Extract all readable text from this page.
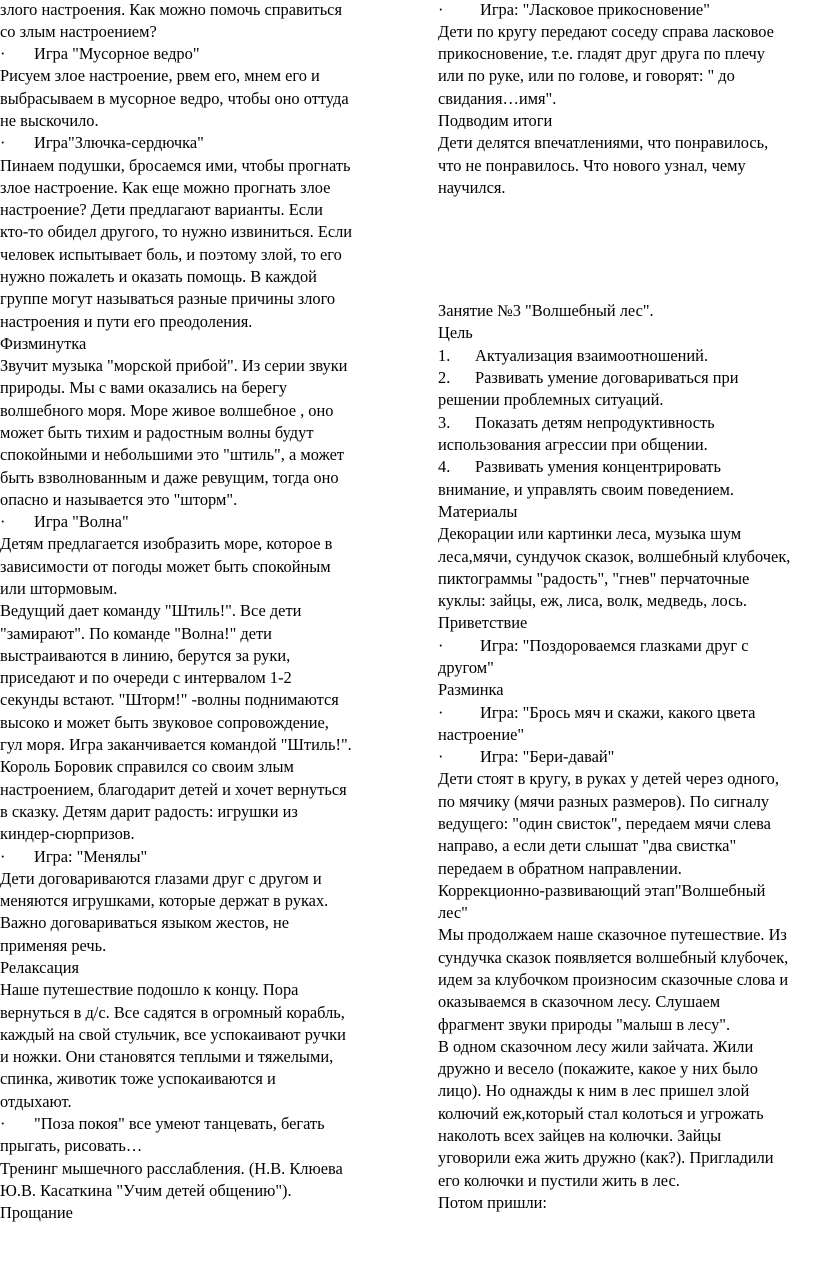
злого настроения. Как можно помочь справиться
со злым настроением?
· Игра "Мусорное ведро"
Рисуем злое настроение, рвем его, мнем его и
выбрасываем в мусорное ведро, чтобы оно оттуда
не выскочило.
· Игра"Злючка-сердючка"
Пинаем подушки, бросаемся ими, чтобы прогнать
злое настроение. Как еще можно прогнать злое
настроение? Дети предлагают варианты. Если
кто-то обидел другого, то нужно извиниться. Если
человек испытывает боль, и поэтому злой, то его
нужно пожалеть и оказать помощь. В каждой
группе могут называться разные причины злого
настроения и пути его преодоления.
Физминутка
Звучит музыка "морской прибой". Из серии звуки
природы. Мы с вами оказались на берегу
волшебного моря. Море живое волшебное , оно
может быть тихим и радостным волны будут
спокойными и небольшими это "штиль", а может
быть взволнованным и даже ревущим, тогда оно
опасно и называется это "шторм".
· Игра "Волна"
Детям предлагается изобразить море, которое в
зависимости от погоды может быть спокойным
или штормовым.
Ведущий дает команду "Штиль!". Все дети
"замирают". По команде "Волна!" дети
выстраиваются в линию, берутся за руки,
приседают и по очереди с интервалом 1-2
секунды встают. "Шторм!" -волны поднимаются
высоко и может быть звуковое сопровождение,
гул моря. Игра заканчивается командой "Штиль!".
Король Боровик справился со своим злым
настроением, благодарит детей и хочет вернуться
в сказку. Детям дарит радость: игрушки из
киндер-сюрпризов.
· Игра: "Менялы"
Дети договариваются глазами друг с другом и
меняются игрушками, которые держат в руках.
Важно договариваться языком жестов, не
применяя речь.
Релаксация
Наше путешествие подошло к концу. Пора
вернуться в д/с. Все садятся в огромный корабль,
каждый на свой стульчик, все успокаивают ручки
и ножки. Они становятся теплыми и тяжелыми,
спинка, животик тоже успокаиваются и
отдыхают.
· "Поза покоя" все умеют танцевать, бегать
прыгать, рисовать…
Тренинг мышечного расслабления. (Н.В. Клюева
Ю.В. Касаткина "Учим детей общению").
Прощание
· Игра: "Ласковое прикосновение"
Дети по кругу передают соседу справа ласковое
прикосновение, т.е. гладят друг друга по плечу
или по руке, или по голове, и говорят: " до
свидания…имя".
Подводим итоги
Дети делятся впечатлениями, что понравилось,
что не понравилось. Что нового узнал, чему
научился.
Занятие №3 "Волшебный лес".
Цель
1. Актуализация взаимоотношений.
2. Развивать умение договариваться при
решении проблемных ситуаций.
3. Показать детям непродуктивность
использования агрессии при общении.
4. Развивать умения концентрировать
внимание, и управлять своим поведением.
Материалы
Декорации или картинки леса, музыка шум
леса,мячи, сундучок сказок, волшебный клубочек,
пиктограммы "радость", "гнев" перчаточные
куклы: зайцы, еж, лиса, волк, медведь, лось.
Приветствие
· Игра: "Поздороваемся глазками друг с
другом"
Разминка
· Игра: "Брось мяч и скажи, какого цвета
настроение"
· Игра: "Бери-давай"
Дети стоят в кругу, в руках у детей через одного,
по мячику (мячи разных размеров). По сигналу
ведущего: "один свисток", передаем мячи слева
направо, а если дети слышат "два свистка"
передаем в обратном направлении.
Коррекционно-развивающий этап"Волшебный
лес"
Мы продолжаем наше сказочное путешествие. Из
сундучка сказок появляется волшебный клубочек,
идем за клубочком произносим сказочные слова и
оказываемся в сказочном лесу. Слушаем
фрагмент звуки природы "малыш в лесу".
В одном сказочном лесу жили зайчата. Жили
дружно и весело (покажите, какое у них было
лицо). Но однажды к ним в лес пришел злой
колючий еж,который стал колоться и угрожать
наколоть всех зайцев на колючки. Зайцы
уговорили ежа жить дружно (как?). Пригладили
его колючки и пустили жить в лес.
Потом пришли:
